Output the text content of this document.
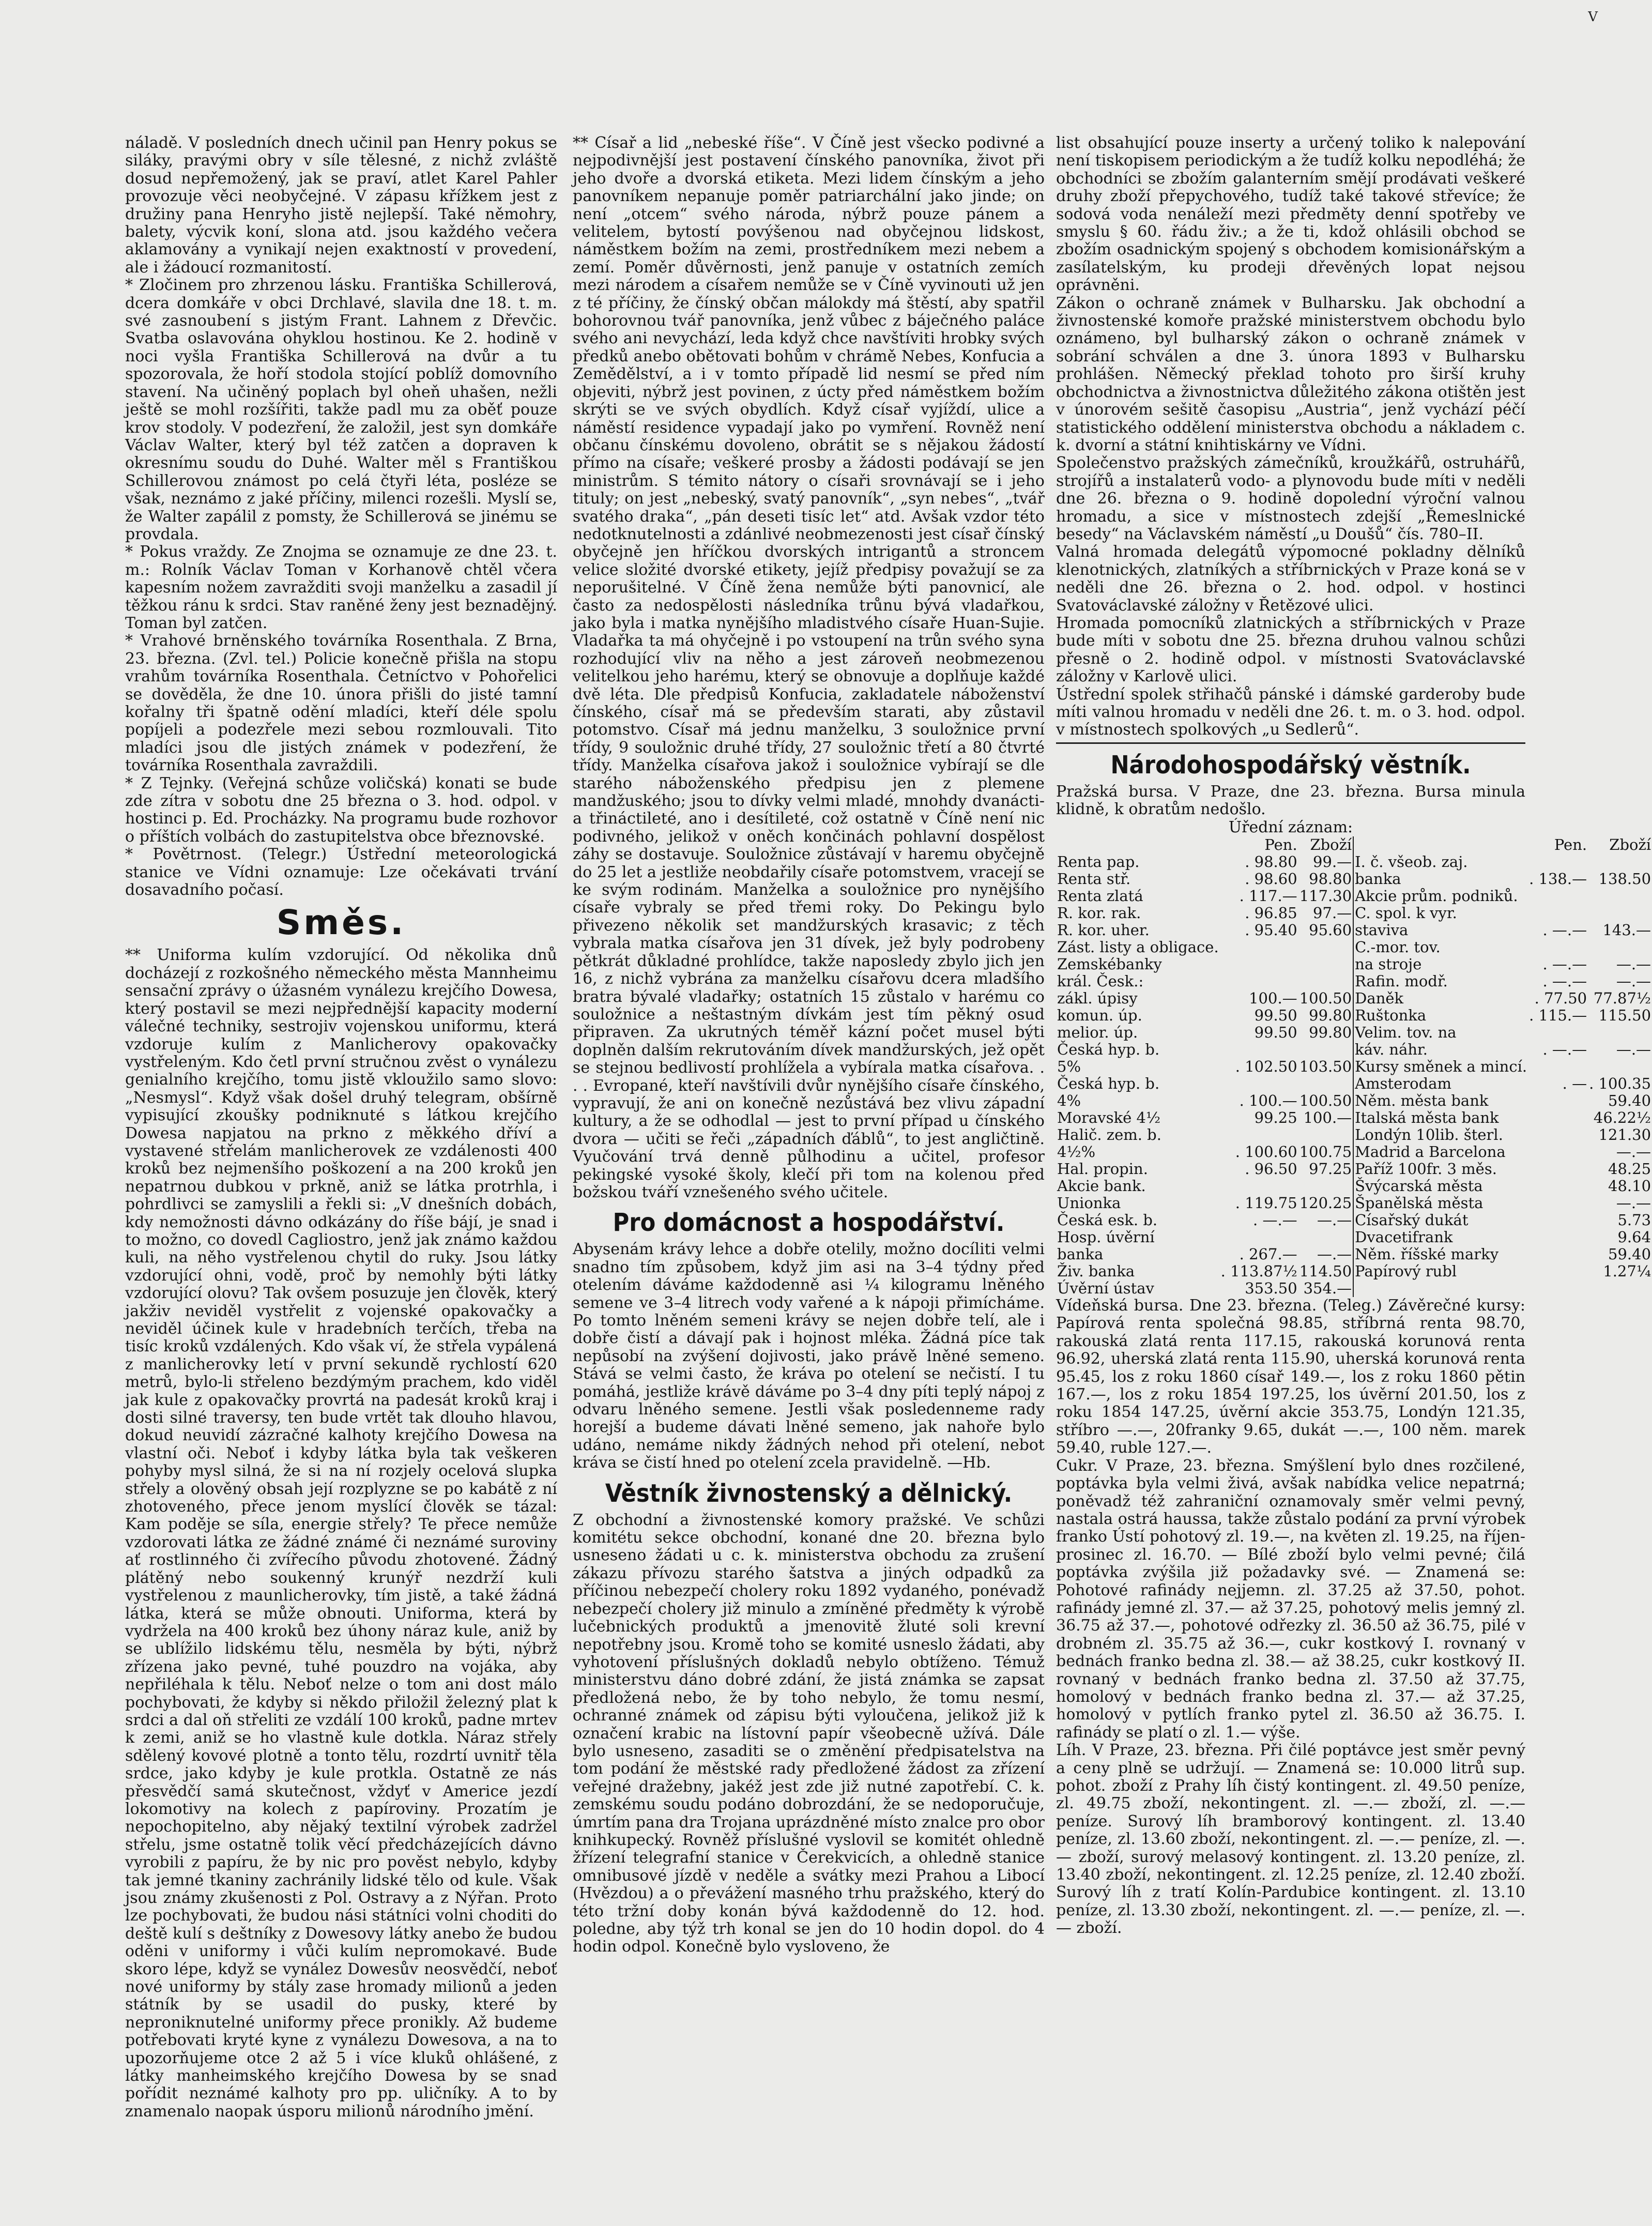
V

náladě. V posledních dnech učinil pan Henry pokus se siláky, pravými obry v síle tělesné, z nichž zvláště dosud nepřemožený, jak se praví, atlet Karel Pahler provozuje věci neobyčejné. V zápasu křížkem jest z družiny pana Henryho jistě nejlepší. Také němohry, balety, výcvik koní, slona atd. jsou každého večera aklamovány a vynikají nejen exaktností v provedení, ale i žádoucí rozmanitostí.

* Zločinem pro zhrzenou lásku. Františka Schillerová, dcera domkáře v obci Drchlavé, slavila dne 18. t. m. své zasnoubení s jistým Frant. Lahnem z Dřevčic. Svatba oslavována ohyklou hostinou. Ke 2. hodině v noci vyšla Františka Schillerová na dvůr a tu spozorovala, že hoří stodola stojící poblíž domovního stavení. Na učiněný poplach byl oheň uhašen, nežli ještě se mohl rozšířiti, takže padl mu za oběť pouze krov stodoly. V podezření, že založil, jest syn domkáře Václav Walter, který byl též zatčen a dopraven k okresnímu soudu do Duhé. Walter měl s Františkou Schillerovou známost po celá čtyři léta, posléze se však, neznámo z jaké příčiny, milenci rozešli. Myslí se, že Walter zapálil z pomsty, že Schillerová se jinému se provdala.

* Pokus vraždy. Ze Znojma se oznamuje ze dne 23. t. m.: Rolník Václav Toman v Korhanově chtěl včera kapesním nožem zavražditi svoji manželku a zasadil jí těžkou ránu k srdci. Stav raněné ženy jest beznadějný. Toman byl zatčen.

* Vrahové brněnského továrníka Rosenthala. Z Brna, 23. března. (Zvl. tel.) Policie konečně přišla na stopu vrahům továrníka Rosenthala. Četníctvo v Pohořelici se dověděla, že dne 10. února přišli do jisté tamní kořalny tři špatně odění mladíci, kteří déle spolu popíjeli a podezřele mezi sebou rozmlouvali. Tito mladíci jsou dle jistých známek v podezření, že továrníka Rosenthala zavraždili.

* Z Tejnky. (Veřejná schůze voličská) konati se bude zde zítra v sobotu dne 25 března o 3. hod. odpol. v hostinci p. Ed. Procházky. Na programu bude rozhovor o příštích volbách do zastupitelstva obce březnovské.

* Povětrnost. (Telegr.) Ústřední meteorologická stanice ve Vídni oznamuje: Lze očekávati trvání dosavadního počasí.

Směs.

** Uniforma kulím vzdorující. Od několika dnů docházejí z rozkošného německého města Mannheimu sensační zprávy o úžasném vynálezu krejčího Dowesa, který postavil se mezi nejpřednější kapacity moderní válečné techniky, sestrojiv vojenskou uniformu, která vzdoruje kulím z Manlicherovy opakovačky vystřeleným. Kdo četl první stručnou zvěst o vynálezu genialního krejčího, tomu jistě vkloužilo samo slovo: „Nesmysl“. Když však došel druhý telegram, obšírně vypisující zkoušky podniknuté s látkou krejčího Dowesa napjatou na prkno z měkkého dříví a vystavené střelám manlicherovek ze vzdálenosti 400 kroků bez nejmenšího poškození a na 200 kroků jen nepatrnou dubkou v prkně, aniž se látka protrhla, i pohrdlivci se zamyslili a řekli si: „V dnešních dobách, kdy nemožnosti dávno odkázány do říše bájí, je snad i to možno, co dovedl Cagliostro, jenž jak známo každou kuli, na něho vystřelenou chytil do ruky. Jsou látky vzdorující ohni, vodě, proč by nemohly býti látky vzdorující olovu? Tak ovšem posuzuje jen člověk, který jakživ neviděl vystřelit z vojenské opakovačky a neviděl účinek kule v hradebních terčích, třeba na tisíc kroků vzdálených. Kdo však ví, že střela vypálená z manlicherovky letí v první sekundě rychlostí 620 metrů, bylo-li střeleno bezdýmým prachem, kdo viděl jak kule z opakovačky provrtá na padesát kroků kraj i dosti silné traversy, ten bude vrtět tak dlouho hlavou, dokud neuvidí zázračné kalhoty krejčího Dowesa na vlastní oči. Neboť i kdyby látka byla tak veškeren pohyby mysl silná, že si na ní rozjely ocelová slupka střely a olověný obsah její rozplyzne se po kabátě z ní zhotoveného, přece jenom myslící člověk se tázal: Kam poděje se síla, energie střely? Te přece nemůže vzdorovati látka ze žádné známé či neznámé suroviny ať rostlinného či zvířecího původu zhotovené. Žádný plátěný nebo soukenný krunýř nezdrží kuli vystřelenou z maunlicherovky, tím jistě, a také žádná látka, která se může obnouti. Uniforma, která by vydržela na 400 kroků bez úhony náraz kule, aniž by se ublížilo lidskému tělu, nesměla by býti, nýbrž zřízena jako pevné, tuhé pouzdro na vojáka, aby nepřiléhala k tělu. Neboť nelze o tom ani dost málo pochybovati, že kdyby si někdo přiložil železný plat k srdci a dal oň střeliti ze vzdálí 100 kroků, padne mrtev k zemi, aniž se ho vlastně kule dotkla. Náraz střely sdělený kovové plotně a tonto tělu, rozdrtí uvnitř těla srdce, jako kdyby je kule protkla. Ostatně ze nás přesvědčí samá skutečnost, vždyť v Americe jezdí lokomotivy na kolech z papíroviny. Prozatím je nepochopitelno, aby nějaký textilní výrobek zadržel střelu, jsme ostatně tolik věcí předcházejících dávno vyrobili z papíru, že by nic pro pověst nebylo, kdyby tak jemné tkaniny zachránily lidské tělo od kule. Však jsou známy zkušenosti z Pol. Ostravy a z Nýřan. Proto lze pochybovati, že budou nási státníci volni choditi do deště kulí s deštníky z Dowesovy látky anebo že budou oděni v uniformy i vůči kulím nepromokavé. Bude skoro lépe, když se vynález Dowesův neosvědčí, neboť nové uniformy by stály zase hromady milionů a jeden státník by se usadil do pusky, které by neproniknutelné uniformy přece pronikly. Až budeme potřebovati kryté kyne z vynálezu Dowesova, a na to upozorňujeme otce 2 až 5 i více kluků ohlášené, z látky manheimského krejčího Dowesa by se snad pořídit neznámé kalhoty pro pp. uličníky. A to by znamenalo naopak úsporu milionů národního jmění.

** Císař a lid „nebeské říše“. V Číně jest všecko podivné a nejpodivnější jest postavení čínského panovníka, život při jeho dvoře a dvorská etiketa. Mezi lidem čínským a jeho panovníkem nepanuje poměr patriarchální jako jinde; on není „otcem“ svého národa, nýbrž pouze pánem a velitelem, bytostí povýšenou nad obyčejnou lidskost, náměstkem božím na zemi, prostředníkem mezi nebem a zemí. Poměr důvěrnosti, jenž panuje v ostatních zemích mezi národem a císařem nemůže se v Číně vyvinouti už jen z té příčiny, že čínský občan málokdy má štěstí, aby spatřil bohorovnou tvář panovníka, jenž vůbec z báječného paláce svého ani nevychází, leda když chce navštíviti hrobky svých předků anebo obětovati bohům v chrámě Nebes, Konfucia a Zemědělství, a i v tomto případě lid nesmí se před ním objeviti, nýbrž jest povinen, z úcty před náměstkem božím skrýti se ve svých obydlích. Když císař vyjíždí, ulice a náměstí residence vypadají jako po vymření. Rovněž není občanu čínskému dovoleno, obrátit se s nějakou žádostí přímo na císaře; veškeré prosby a žádosti podávají se jen ministrům. S témito nátory o císaři srovnávají se i jeho tituly; on jest „nebeský, svatý panovník“, „syn nebes“, „tvář svatého draka“, „pán deseti tisíc let“ atd. Avšak vzdor této nedotknutelnosti a zdánlivé neobmezenosti jest císař čínský obyčejně jen hříčkou dvorských intrigantů a stroncem velice složité dvorské etikety, jejíž předpisy považují se za neporušitelné. V Číně žena nemůže býti panovnicí, ale často za nedospělosti následníka trůnu bývá vladařkou, jako byla i matka nynějšího mladistvého císaře Huan-Sujie. Vladařka ta má ohyčejně i po vstoupení na trůn svého syna rozhodující vliv na něho a jest zároveň neobmezenou velitelkou jeho harému, který se obnovuje a doplňuje každé dvě léta. Dle předpisů Konfucia, zakladatele náboženství čínského, císař má se především starati, aby zůstavil potomstvo. Císař má jednu manželku, 3 souložnice první třídy, 9 souložnic druhé třídy, 27 souložnic třetí a 80 čtvrté třídy. Manželka císařova jakož i souložnice vybírají se dle starého náboženského předpisu jen z plemene mandžuského; jsou to dívky velmi mladé, mnohdy dvanácti- a třináctileté, ano i desítileté, což ostatně v Číně není nic podivného, jelikož v oněch končinách pohlavní dospělost záhy se dostavuje. Souložnice zůstávají v haremu obyčejně do 25 let a jestliže neobdařily císaře potomstvem, vracejí se ke svým rodinám. Manželka a souložnice pro nynějšího císaře vybraly se před třemi roky. Do Pekingu bylo přivezeno několik set mandžurských krasavic; z těch vybrala matka císařova jen 31 dívek, jež byly podrobeny pětkrát důkladné prohlídce, takže naposledy zbylo jich jen 16, z nichž vybrána za manželku císařovu dcera mladšího bratra bývalé vladařky; ostatních 15 zůstalo v harému co souložnice a neštastným dívkám jest tím pěkný osud připraven. Za ukrutných téměř kázní počet musel býti doplněn dalším rekrutováním dívek mandžurských, jež opět se stejnou bedlivostí prohlížela a vybírala matka císařova. . . . Evropané, kteří navštívili dvůr nynějšího císaře čínského, vypravují, že ani on konečně nezůstává bez vlivu západní kultury, a že se odhodlal — jest to první případ u čínského dvora — učiti se řeči „západních ďáblů“, to jest angličtině. Vyučování trvá denně půlhodinu a učitel, profesor pekingské vysoké školy, klečí při tom na kolenou před božskou tváří vznešeného svého učitele.

Pro domácnost a hospodářství.

Abysenám krávy lehce a dobře otelily, možno docíliti velmi snadno tím způsobem, když jim asi na 3–4 týdny před otelením dáváme každodenně asi ¼ kilogramu lněného semene ve 3–4 litrech vody vařené a k nápoji přimícháme. Po tomto lněném semeni krávy se nejen dobře telí, ale i dobře čistí a dávají pak i hojnost mléka. Žádná píce tak nepůsobí na zvýšení dojivosti, jako právě lněné semeno. Stává se velmi často, že kráva po otelení se nečistí. I tu pomáhá, jestliže krávě dáváme po 3–4 dny píti teplý nápoj z odvaru lněného semene. Jestli však posledenneme rady horejší a budeme dávati lněné semeno, jak nahoře bylo udáno, nemáme nikdy žádných nehod při otelení, nebot kráva se čistí hned po otelení zcela pravidelně. —Hb.

Věstník živnostenský a dělnický.

Z obchodní a živnostenské komory pražské. Ve schůzi komitétu sekce obchodní, konané dne 20. března bylo usneseno žádati u c. k. ministerstva obchodu za zrušení zákazu přívozu starého šatstva a jiných odpadků za příčinou nebezpečí cholery roku 1892 vydaného, ponévadž nebezpečí cholery již minulo a zmíněné předměty k výrobě lučebnických produktů a jmenovitě žluté soli krevní nepotřebny jsou. Kromě toho se komité usneslo žádati, aby vyhotovení příslušných dokladů nebylo obtíženo. Témuž ministerstvu dáno dobré zdání, že jistá známka se zapsat předložená nebo, že by toho nebylo, že tomu nesmí, ochranné známek od zápisu býti vyloučena, jelikož již k označení krabic na lístovní papír všeobecně užívá. Dále bylo usneseno, zasaditi se o změnění předpisatelstva na tom podání že městské rady předložené žádost za zřízení veřejné dražebny, jakéž jest zde již nutné zapotřebí. C. k. zemskému soudu podáno dobrozdání, že se nedoporučuje, úmrtím pana dra Trojana uprázdněné místo znalce pro obor knihkupecký. Rovněž příslušné vyslovil se komitét ohledně žřízení telegrafní stanice v Čerekvicích, a ohledně stanice omnibusové jízdě v neděle a svátky mezi Prahou a Libocí (Hvězdou) a o převážení masného trhu pražského, který do této tržní doby konán bývá každodenně do 12. hod. poledne, aby týž trh konal se jen do 10 hodin dopol. do 4 hodin odpol. Konečně bylo vysloveno, že

list obsahující pouze inserty a určený toliko k nalepování není tiskopisem periodickým a že tudíž kolku nepodléhá; že obchodníci se zbožím galanterním smějí prodávati veškeré druhy zboží přepychového, tudíž také takové střevíce; že sodová voda nenáleží mezi předměty denní spotřeby ve smyslu § 60. řádu živ.; a že ti, kdož ohlásili obchod se zbožím osadnickým spojený s obchodem komisionářským a zasílatelským, ku prodeji dřevěných lopat nejsou oprávněni.

Zákon o ochraně známek v Bulharsku. Jak obchodní a živnostenské komoře pražské ministerstvem obchodu bylo oznámeno, byl bulharský zákon o ochraně známek v sobrání schválen a dne 3. února 1893 v Bulharsku prohlášen. Německý překlad tohoto pro širší kruhy obchodnictva a živnostnictva důležitého zákona otištěn jest v únorovém sešitě časopisu „Austria“, jenž vychází péčí statistického oddělení ministerstva obchodu a nákladem c. k. dvorní a státní knihtiskárny ve Vídni.

Společenstvo pražských zámečníků, kroužkářů, ostruhářů, strojířů a instalaterů vodo- a plynovodu bude míti v neděli dne 26. března o 9. hodině dopolední výroční valnou hromadu, a sice v místnostech zdejší „Řemeslnické besedy“ na Václavském náměstí „u Doušů“ čís. 780–II.

Valná hromada delegátů výpomocné pokladny dělníků klenotnických, zlatníkých a stříbrnických v Praze koná se v neděli dne 26. března o 2. hod. odpol. v hostinci Svatováclavské záložny v Řetězové ulici.

Hromada pomocníků zlatnických a stříbrnických v Praze bude míti v sobotu dne 25. března druhou valnou schůzi přesně o 2. hodině odpol. v místnosti Svatováclavské záložny v Karlově ulici.

Ústřední spolek střihačů pánské i dámské garderoby bude míti valnou hromadu v neděli dne 26. t. m. o 3. hod. odpol. v místnostech spolkových „u Sedlerů“.

Národohospodářský věstník.

Pražská bursa. V Praze, dne 23. března. Bursa minula klidně, k obratům nedošlo.

Úřední záznam:
	Pen.	Zboží		Pen.	Zboží
Renta pap.	. 98.80	99.—	I. č. všeob. zaj.		
Renta stř.	. 98.60	98.80	banka	. 138.—	138.50
Renta zlatá	. 117.—	117.30	Akcie prům. podniků.		
R. kor. rak.	. 96.85	97.—	C. spol. k vyr.		
R. kor. uher.	. 95.40	95.60	staviva	. —.—	143.—
Zást. listy a obligace.			C.-mor. tov.		
Zemskébanky			na stroje	. —.—	—.—
král. Česk.:			Rafin. modř.	. —.—	—.—
zákl. úpisy	100.—	100.50	Daněk	. 77.50	77.87½
komun. úp.	99.50	99.80	Ruštonka	. 115.—	115.50
melior. úp.	99.50	99.80	Velim. tov. na		
Česká hyp. b.			káv. náhr.	. —.—	—.—
5%	. 102.50	103.50	Kursy směnek a mincí.		
Česká hyp. b.			Amsterodam	. —	. 100.35
4%	. 100.—	100.50	Něm. města bank		59.40
Moravské 4½	99.25	100.—	Italská města bank		46.22½
Halič. zem. b.			Londýn 10lib. šterl.		121.30
4½%	. 100.60	100.75	Madrid a Barcelona		—.—
Hal. propin.	. 96.50	97.25	Paříž 100fr. 3 měs.		48.25
Akcie bank.			Švýcarská města		48.10
Unionka	. 119.75	120.25	Španělská města		—.—
Česká esk. b.	. —.—	—.—	Císařský dukát		5.73
Hosp. úvěrní			Dvacetifrank		9.64
banka	. 267.—	—.—	Něm. říšské marky		59.40
Živ. banka	. 113.87½	114.50	Papírový rubl		1.27¼
Úvěrní ústav	353.50	354.—			

Vídeňská bursa. Dne 23. března. (Teleg.) Závěrečné kursy: Papírová renta společná 98.85, stříbrná renta 98.70, rakouská zlatá renta 117.15, rakouská korunová renta 96.92, uherská zlatá renta 115.90, uherská korunová renta 95.45, los z roku 1860 císař 149.—, los z roku 1860 pětin 167.—, los z roku 1854 197.25, los úvěrní 201.50, los z roku 1854 147.25, úvěrní akcie 353.75, Londýn 121.35, stříbro —.—, 20franky 9.65, dukát —.—, 100 něm. marek 59.40, ruble 127.—.

Cukr. V Praze, 23. března. Smýšlení bylo dnes rozčilené, poptávka byla velmi živá, avšak nabídka velice nepatrná; poněvadž též zahraniční oznamovaly směr velmi pevný, nastala ostrá haussa, takže zůstalo podání za první výrobek franko Ústí pohotový zl. 19.—, na květen zl. 19.25, na říjen-prosinec zl. 16.70. — Bílé zboží bylo velmi pevné; čilá poptávka zvýšila již požadavky své. — Znamená se: Pohotové rafinády nejjemn. zl. 37.25 až 37.50, pohot. rafinády jemné zl. 37.— až 37.25, pohotový melis jemný zl. 36.75 až 37.—, pohotové odřezky zl. 36.50 až 36.75, pilé v drobném zl. 35.75 až 36.—, cukr kostkový I. rovnaný v bednách franko bedna zl. 38.— až 38.25, cukr kostkový II. rovnaný v bednách franko bedna zl. 37.50 až 37.75, homolový v bednách franko bedna zl. 37.— až 37.25, homolový v pytlích franko pytel zl. 36.50 až 36.75. I. rafinády se platí o zl. 1.— výše.

Líh. V Praze, 23. března. Při čilé poptávce jest směr pevný a ceny plně se udržují. — Znamená se: 10.000 litrů sup. pohot. zboží z Prahy líh čistý kontingent. zl. 49.50 peníze, zl. 49.75 zboží, nekontingent. zl. —.— zboží, zl. —.— peníze. Surový líh bramborový kontingent. zl. 13.40 peníze, zl. 13.60 zboží, nekontingent. zl. —.— peníze, zl. —.— zboží, surový melasový kontingent. zl. 13.20 peníze, zl. 13.40 zboží, nekontingent. zl. 12.25 peníze, zl. 12.40 zboží. Surový líh z tratí Kolín-Pardubice kontingent. zl. 13.10 peníze, zl. 13.30 zboží, nekontingent. zl. —.— peníze, zl. —.— zboží.
